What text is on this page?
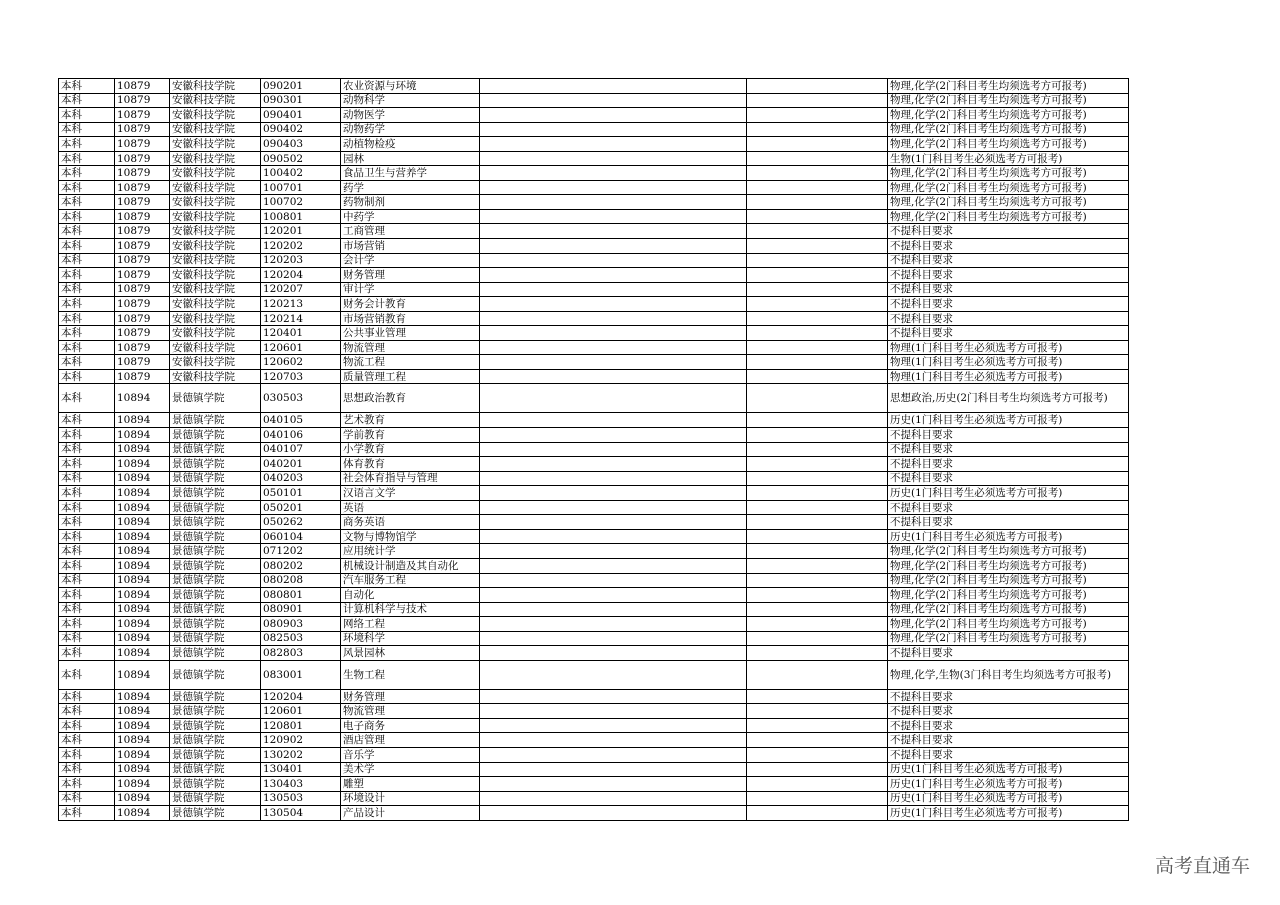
本科	10879	安徽科技学院	090201	农业资源与环境			物理,化学(2门科目考生均须选考方可报考)
本科	10879	安徽科技学院	090301	动物科学			物理,化学(2门科目考生均须选考方可报考)
本科	10879	安徽科技学院	090401	动物医学			物理,化学(2门科目考生均须选考方可报考)
本科	10879	安徽科技学院	090402	动物药学			物理,化学(2门科目考生均须选考方可报考)
本科	10879	安徽科技学院	090403	动植物检疫			物理,化学(2门科目考生均须选考方可报考)
本科	10879	安徽科技学院	090502	园林			生物(1门科目考生必须选考方可报考)
本科	10879	安徽科技学院	100402	食品卫生与营养学			物理,化学(2门科目考生均须选考方可报考)
本科	10879	安徽科技学院	100701	药学			物理,化学(2门科目考生均须选考方可报考)
本科	10879	安徽科技学院	100702	药物制剂			物理,化学(2门科目考生均须选考方可报考)
本科	10879	安徽科技学院	100801	中药学			物理,化学(2门科目考生均须选考方可报考)
本科	10879	安徽科技学院	120201	工商管理			不提科目要求
本科	10879	安徽科技学院	120202	市场营销			不提科目要求
本科	10879	安徽科技学院	120203	会计学			不提科目要求
本科	10879	安徽科技学院	120204	财务管理			不提科目要求
本科	10879	安徽科技学院	120207	审计学			不提科目要求
本科	10879	安徽科技学院	120213	财务会计教育			不提科目要求
本科	10879	安徽科技学院	120214	市场营销教育			不提科目要求
本科	10879	安徽科技学院	120401	公共事业管理			不提科目要求
本科	10879	安徽科技学院	120601	物流管理			物理(1门科目考生必须选考方可报考)
本科	10879	安徽科技学院	120602	物流工程			物理(1门科目考生必须选考方可报考)
本科	10879	安徽科技学院	120703	质量管理工程			物理(1门科目考生必须选考方可报考)
本科	10894	景德镇学院	030503	思想政治教育			思想政治,历史(2门科目考生均须选考方可报考)
本科	10894	景德镇学院	040105	艺术教育			历史(1门科目考生必须选考方可报考)
本科	10894	景德镇学院	040106	学前教育			不提科目要求
本科	10894	景德镇学院	040107	小学教育			不提科目要求
本科	10894	景德镇学院	040201	体育教育			不提科目要求
本科	10894	景德镇学院	040203	社会体育指导与管理			不提科目要求
本科	10894	景德镇学院	050101	汉语言文学			历史(1门科目考生必须选考方可报考)
本科	10894	景德镇学院	050201	英语			不提科目要求
本科	10894	景德镇学院	050262	商务英语			不提科目要求
本科	10894	景德镇学院	060104	文物与博物馆学			历史(1门科目考生必须选考方可报考)
本科	10894	景德镇学院	071202	应用统计学			物理,化学(2门科目考生均须选考方可报考)
本科	10894	景德镇学院	080202	机械设计制造及其自动化			物理,化学(2门科目考生均须选考方可报考)
本科	10894	景德镇学院	080208	汽车服务工程			物理,化学(2门科目考生均须选考方可报考)
本科	10894	景德镇学院	080801	自动化			物理,化学(2门科目考生均须选考方可报考)
本科	10894	景德镇学院	080901	计算机科学与技术			物理,化学(2门科目考生均须选考方可报考)
本科	10894	景德镇学院	080903	网络工程			物理,化学(2门科目考生均须选考方可报考)
本科	10894	景德镇学院	082503	环境科学			物理,化学(2门科目考生均须选考方可报考)
本科	10894	景德镇学院	082803	风景园林			不提科目要求
本科	10894	景德镇学院	083001	生物工程			物理,化学,生物(3门科目考生均须选考方可报考)
本科	10894	景德镇学院	120204	财务管理			不提科目要求
本科	10894	景德镇学院	120601	物流管理			不提科目要求
本科	10894	景德镇学院	120801	电子商务			不提科目要求
本科	10894	景德镇学院	120902	酒店管理			不提科目要求
本科	10894	景德镇学院	130202	音乐学			不提科目要求
本科	10894	景德镇学院	130401	美术学			历史(1门科目考生必须选考方可报考)
本科	10894	景德镇学院	130403	雕塑			历史(1门科目考生必须选考方可报考)
本科	10894	景德镇学院	130503	环境设计			历史(1门科目考生必须选考方可报考)
本科	10894	景德镇学院	130504	产品设计			历史(1门科目考生必须选考方可报考)
高考直通车
